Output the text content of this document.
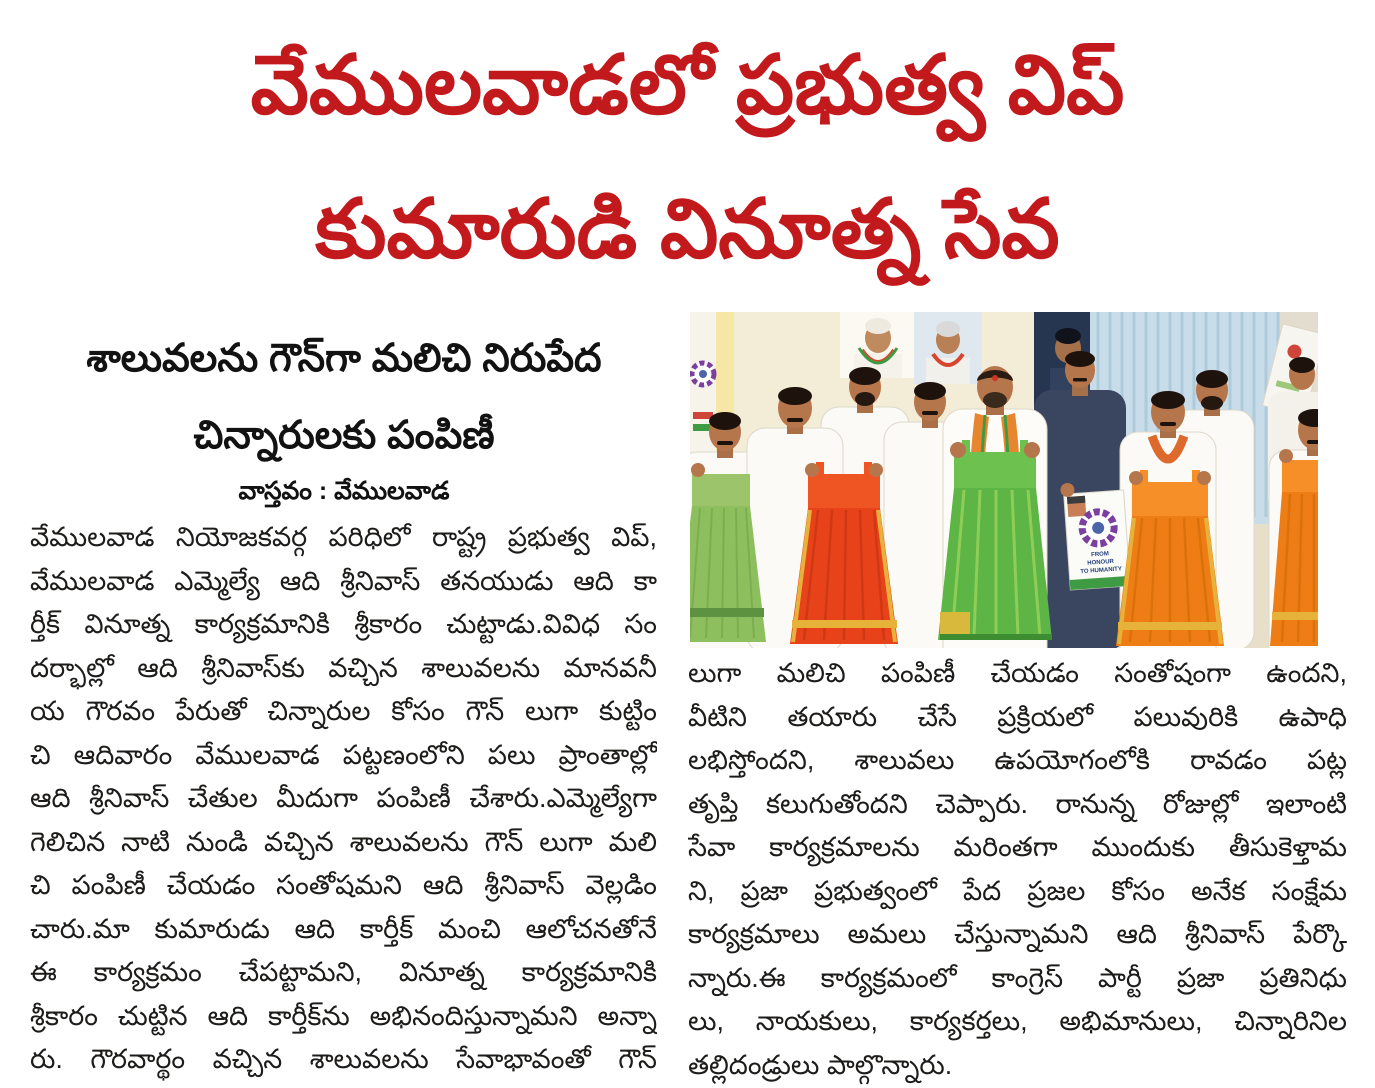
వేములవాడలో ప్రభుత్వ విప్
కుమారుడి వినూత్న సేవ
శాలువలను గౌన్‌గా మలిచి నిరుపేద
చిన్నారులకు పంపిణీ
వాస్తవం : వేములవాడ
వేములవాడ నియోజకవర్గ పరిధిలో రాష్ట్ర ప్రభుత్వ విప్,
వేములవాడ ఎమ్మెల్యే ఆది శ్రీనివాస్ తనయుడు ఆది కా
ర్తీక్ వినూత్న కార్యక్రమానికి శ్రీకారం చుట్టాడు.వివిధ సం
దర్భాల్లో ఆది శ్రీనివాస్‌కు వచ్చిన శాలువలను మానవనీ
య గౌరవం పేరుతో చిన్నారుల కోసం గౌన్ లుగా కుట్టిం
చి ఆదివారం వేములవాడ పట్టణంలోని పలు ప్రాంతాల్లో
ఆది శ్రీనివాస్ చేతుల మీదుగా పంపిణీ చేశారు.ఎమ్మెల్యేగా
గెలిచిన నాటి నుండి వచ్చిన శాలువలను గౌన్ లుగా మలి
చి పంపిణీ చేయడం సంతోషమని ఆది శ్రీనివాస్ వెల్లడిం
చారు.మా కుమారుడు ఆది కార్తీక్ మంచి ఆలోచనతోనే
ఈ కార్యక్రమం చేపట్టామని, వినూత్న కార్యక్రమానికి
శ్రీకారం చుట్టిన ఆది కార్తీక్‌ను అభినందిస్తున్నామని అన్నా
రు. గౌరవార్థం వచ్చిన శాలువలను సేవాభావంతో గౌన్
లుగా మలిచి పంపిణీ చేయడం సంతోషంగా ఉందని,
వీటిని తయారు చేసే ప్రక్రియలో పలువురికి ఉపాధి
లభిస్తోందని, శాలువలు ఉపయోగంలోకి రావడం పట్ల
తృప్తి కలుగుతోందని చెప్పారు. రానున్న రోజుల్లో ఇలాంటి
సేవా కార్యక్రమాలను మరింతగా ముందుకు తీసుకెళ్తామ
ని, ప్రజా ప్రభుత్వంలో పేద ప్రజల కోసం అనేక సంక్షేమ
కార్యక్రమాలు అమలు చేస్తున్నామని ఆది శ్రీనివాస్ పేర్కొ
న్నారు.ఈ కార్యక్రమంలో కాంగ్రెస్ పార్టీ ప్రజా ప్రతినిధు
లు, నాయకులు, కార్యకర్తలు, అభిమానులు, చిన్నారినిల
తల్లిదండ్రులు పాల్గొన్నారు.
FROM
HONOUR
TO HUMANITY
